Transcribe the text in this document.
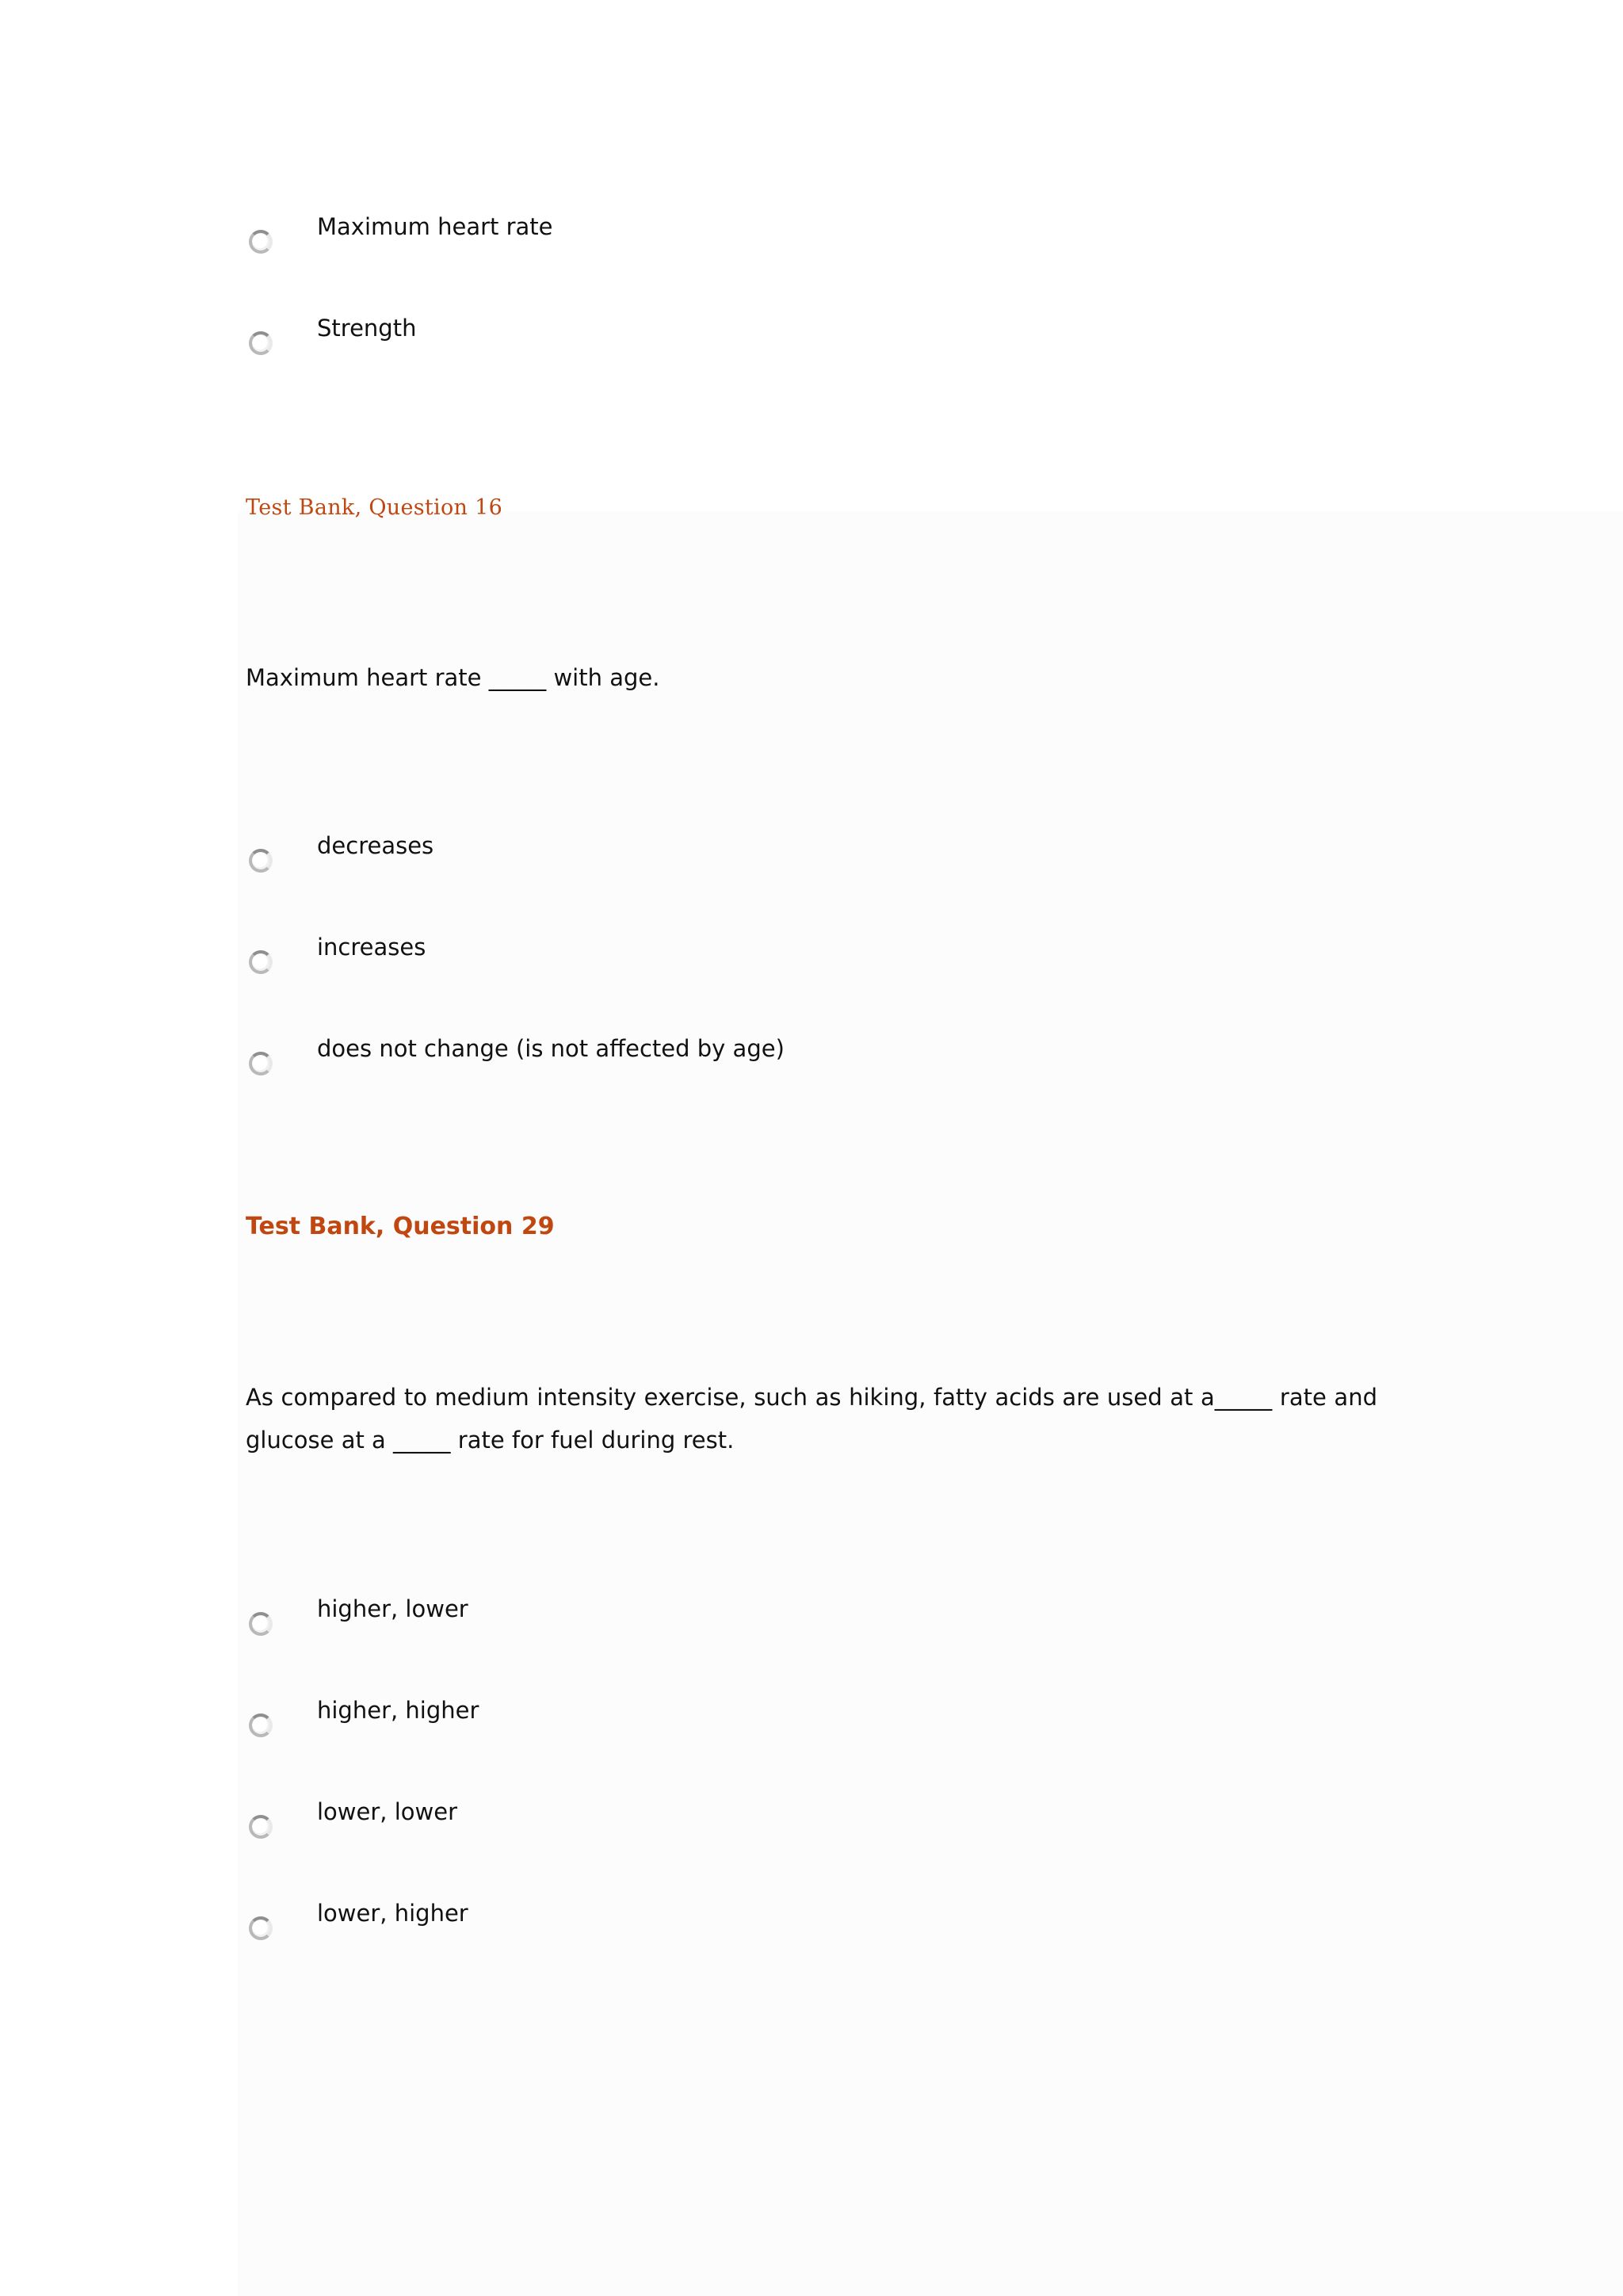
Maximum heart rate
Strength
Test Bank, Question 16
Maximum heart rate _____ with age.
decreases
increases
does not change (is not affected by age)
Test Bank, Question 29
As compared to medium intensity exercise, such as hiking, fatty acids are used at a_____ rate and glucose at a _____ rate for fuel during rest.
higher, lower
higher, higher
lower, lower
lower, higher
